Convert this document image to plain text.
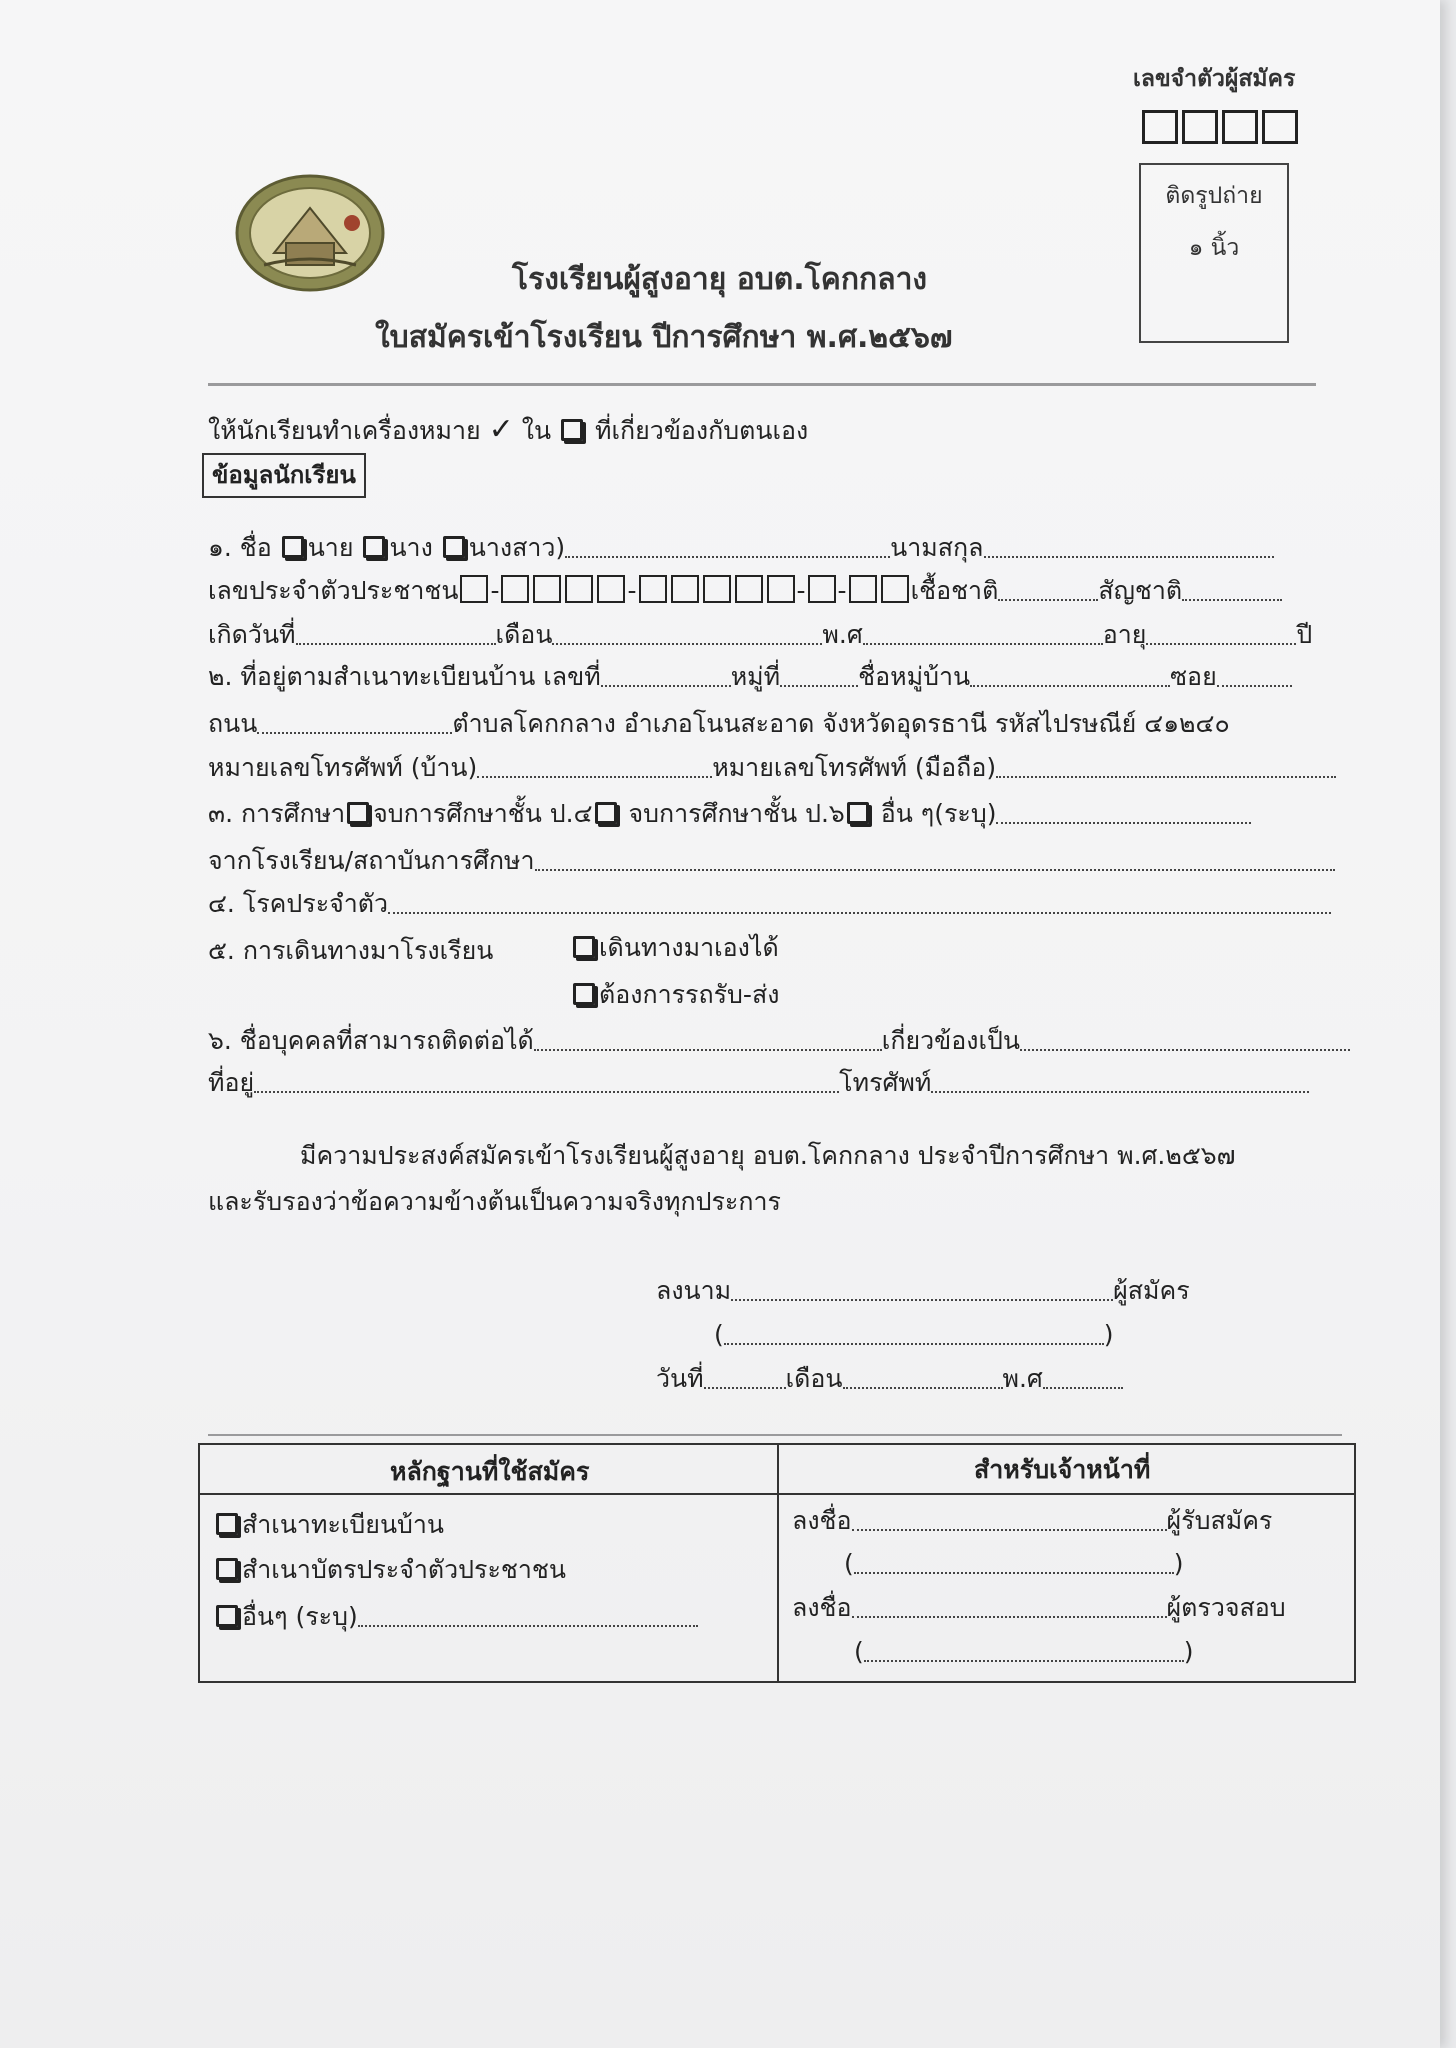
เลขจำตัวผู้สมัคร
ติดรูปถ่าย
๑ นิ้ว
โรงเรียนผู้สูงอายุ อบต.โคกกลาง
ใบสมัครเข้าโรงเรียน ปีการศึกษา พ.ศ.๒๕๖๗
ให้นักเรียนทำเครื่องหมาย ✓ ใน ที่เกี่ยวข้องกับตนเอง
ข้อมูลนักเรียน
๑. ชื่อ นาย นาง นางสาว)	นามสกุล
เลขประจำตัวประชาชน -	-	- -	เชื้อชาติ	สัญชาติ
เกิดวันที่	เดือน	พ.ศ	อายุ	ปี
๒. ที่อยู่ตามสำเนาทะเบียนบ้าน เลขที่	หมู่ที่	ชื่อหมู่บ้าน	ซอย
ถนน	ตำบลโคกกลาง อำเภอโนนสะอาด จังหวัดอุดรธานี รหัสไปรษณีย์ ๔๑๒๔๐
หมายเลขโทรศัพท์ (บ้าน)	หมายเลขโทรศัพท์ (มือถือ)
๓. การศึกษา จบการศึกษาชั้น ป.๔ จบการศึกษาชั้น ป.๖ อื่น ๆ(ระบุ)
จากโรงเรียน/สถาบันการศึกษา
๔. โรคประจำตัว
๕. การเดินทางมาโรงเรียน	เดินทางมาเองได้
ต้องการรถรับ-ส่ง
๖. ชื่อบุคคลที่สามารถติดต่อได้	เกี่ยวข้องเป็น
ที่อยู่	โทรศัพท์
มีความประสงค์สมัครเข้าโรงเรียนผู้สูงอายุ อบต.โคกกลาง ประจำปีการศึกษา พ.ศ.๒๕๖๗
และรับรองว่าข้อความข้างต้นเป็นความจริงทุกประการ
ลงนาม	ผู้สมัคร
(	)
วันที่	เดือน	พ.ศ
หลักฐานที่ใช้สมัคร	สำหรับเจ้าหน้าที่
สำเนาทะเบียนบ้าน
สำเนาบัตรประจำตัวประชาชน
อื่นๆ (ระบุ)
ลงชื่อ	ผู้รับสมัคร
(	)
ลงชื่อ	ผู้ตรวจสอบ
(	)
